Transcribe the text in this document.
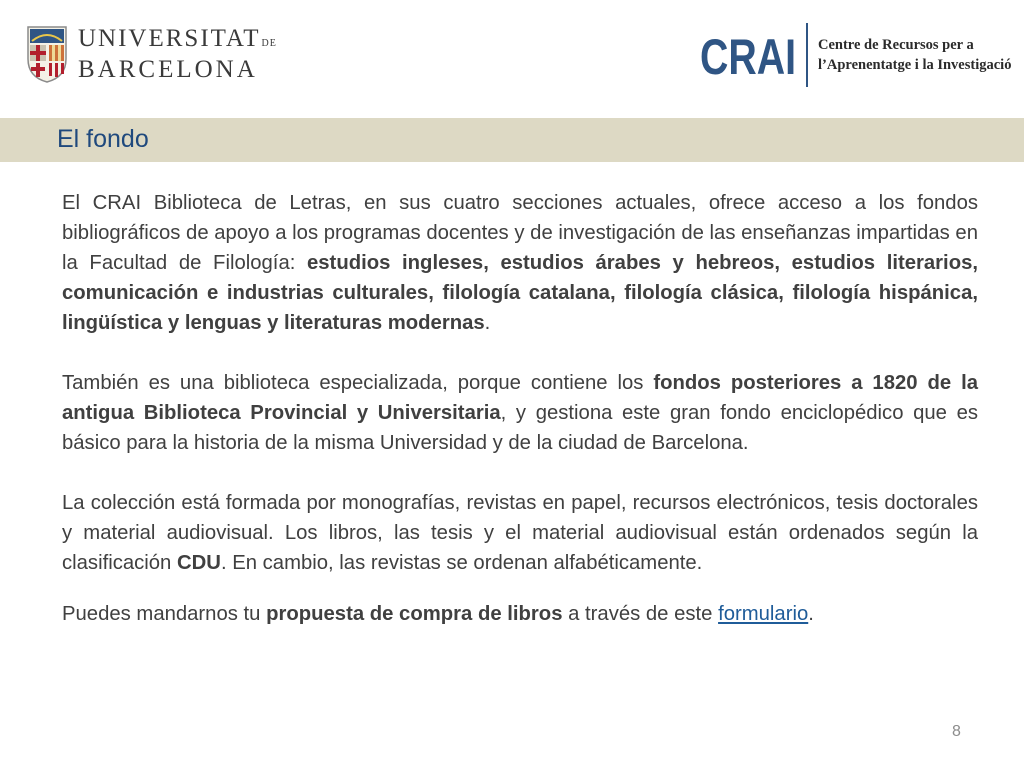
UNIVERSITAT DE
BARCELONA	CRAI Centre de Recursos per a
l’Aprenentatge i la Investigació
El fondo

El CRAI Biblioteca de Letras, en sus cuatro secciones actuales, ofrece acceso a los fondos bibliográficos de apoyo a los programas docentes y de investigación de las enseñanzas impartidas en la Facultad de Filología: estudios ingleses, estudios árabes y hebreos, estudios literarios, comunicación e industrias culturales, filología catalana, filología clásica, filología hispánica, lingüística y lenguas y literaturas modernas.

También es una biblioteca especializada, porque contiene los fondos posteriores a 1820 de la antigua Biblioteca Provincial y Universitaria, y gestiona este gran fondo enciclopédico que es básico para la historia de la misma Universidad y de la ciudad de Barcelona.

La colección está formada por monografías, revistas en papel, recursos electrónicos, tesis doctorales y material audiovisual. Los libros, las tesis y el material audiovisual están ordenados según la clasificación CDU. En cambio, las revistas se ordenan alfabéticamente.

Puedes mandarnos tu propuesta de compra de libros a través de este formulario.

8
